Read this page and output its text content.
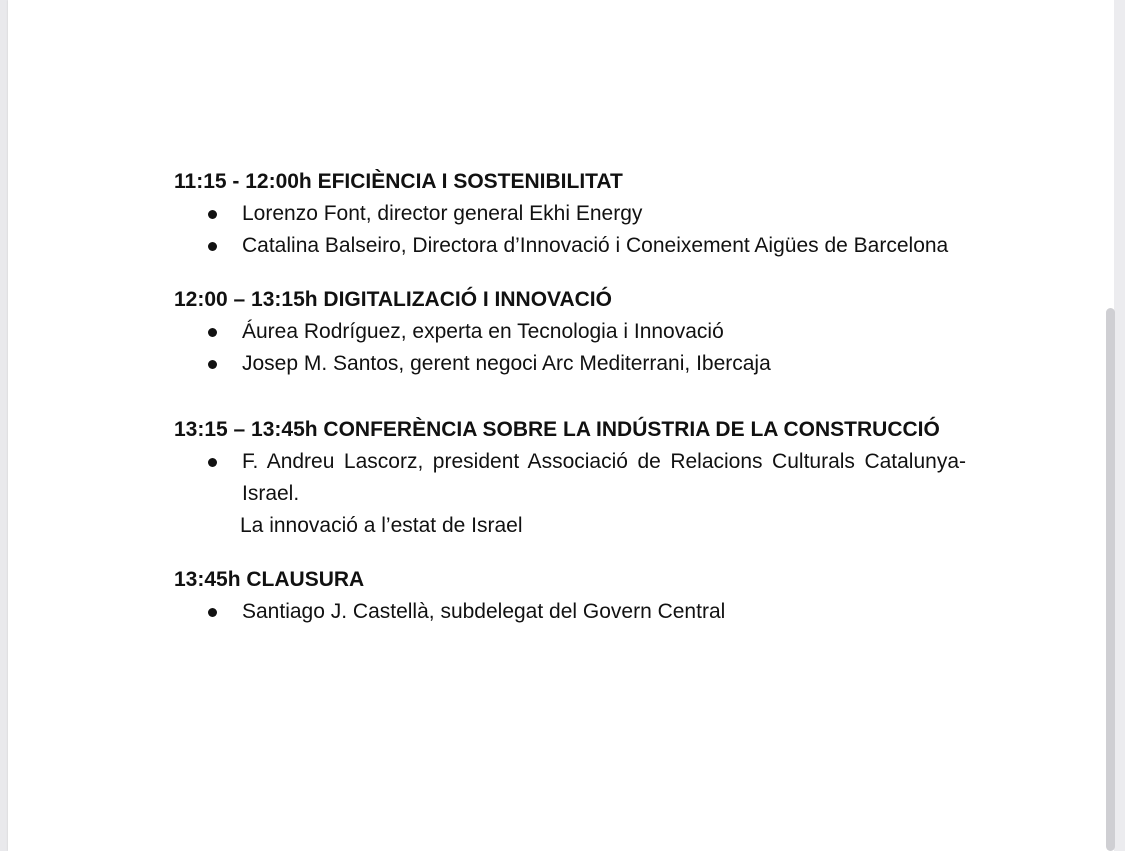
11:15 - 12:00h EFICIÈNCIA I SOSTENIBILITAT

Lorenzo Font, director general Ekhi Energy
Catalina Balseiro, Directora d’Innovació i Coneixement Aigües de Barcelona

12:00 – 13:15h DIGITALIZACIÓ I INNOVACIÓ

Áurea Rodríguez, experta en Tecnologia i Innovació
Josep M. Santos, gerent negoci Arc Mediterrani, Ibercaja

13:15 – 13:45h CONFERÈNCIA SOBRE LA INDÚSTRIA DE LA CONSTRUCCIÓ

F. Andreu Lascorz, president Associació de Relacions Culturals Catalunya-Israel.
La innovació a l’estat de Israel

13:45h CLAUSURA

Santiago J. Castellà, subdelegat del Govern Central
